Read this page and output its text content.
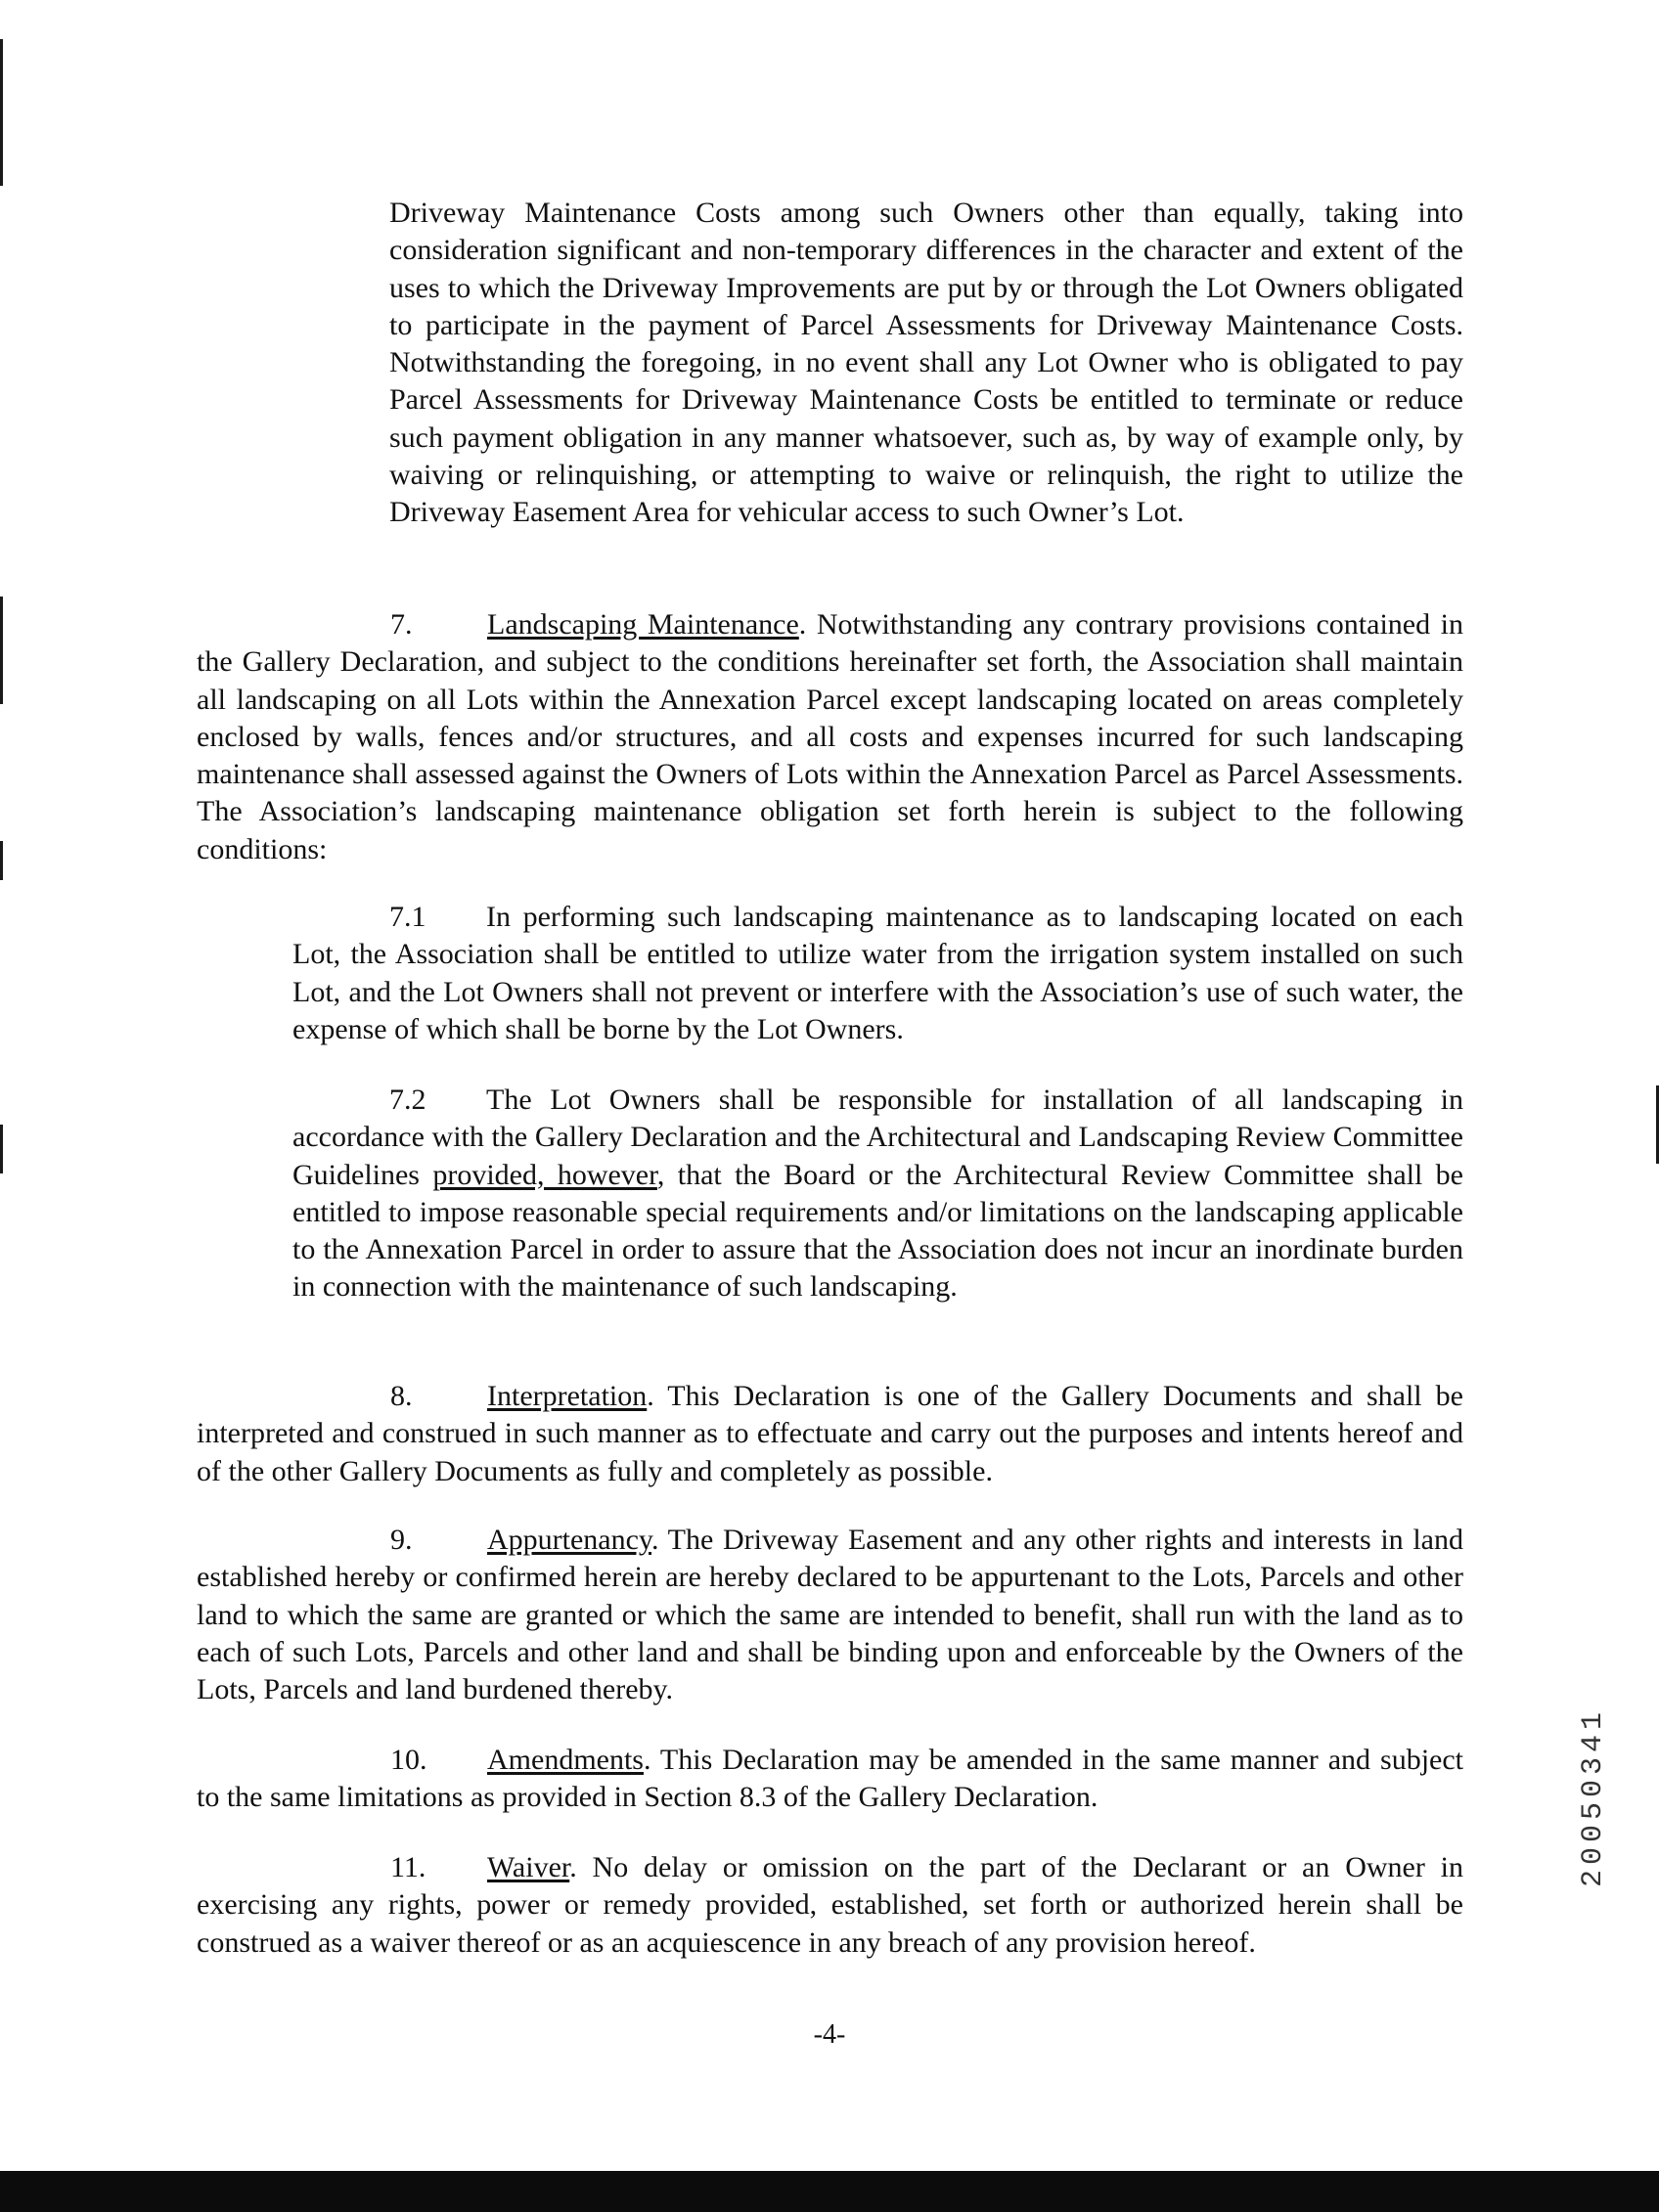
Driveway Maintenance Costs among such Owners other than equally, taking into consideration significant and non-temporary differences in the character and extent of the uses to which the Driveway Improvements are put by or through the Lot Owners obligated to participate in the payment of Parcel Assessments for Driveway Maintenance Costs. Notwithstanding the foregoing, in no event shall any Lot Owner who is obligated to pay Parcel Assessments for Driveway Maintenance Costs be entitled to terminate or reduce such payment obligation in any manner whatsoever, such as, by way of example only, by waiving or relinquishing, or attempting to waive or relinquish, the right to utilize the Driveway Easement Area for vehicular access to such Owner’s Lot.

7.	Landscaping Maintenance. Notwithstanding any contrary provisions contained in the Gallery Declaration, and subject to the conditions hereinafter set forth, the Association shall maintain all landscaping on all Lots within the Annexation Parcel except landscaping located on areas completely enclosed by walls, fences and/or structures, and all costs and expenses incurred for such landscaping maintenance shall assessed against the Owners of Lots within the Annexation Parcel as Parcel Assessments. The Association’s landscaping maintenance obligation set forth herein is subject to the following conditions:

7.1 In performing such landscaping maintenance as to landscaping located on each Lot, the Association shall be entitled to utilize water from the irrigation system installed on such Lot, and the Lot Owners shall not prevent or interfere with the Association’s use of such water, the expense of which shall be borne by the Lot Owners.

7.2 The Lot Owners shall be responsible for installation of all landscaping in accordance with the Gallery Declaration and the Architectural and Landscaping Review Committee Guidelines provided, however, that the Board or the Architectural Review Committee shall be entitled to impose reasonable special requirements and/or limitations on the landscaping applicable to the Annexation Parcel in order to assure that the Association does not incur an inordinate burden in connection with the maintenance of such landscaping.

8.	Interpretation. This Declaration is one of the Gallery Documents and shall be interpreted and construed in such manner as to effectuate and carry out the purposes and intents hereof and of the other Gallery Documents as fully and completely as possible.

9.	Appurtenancy. The Driveway Easement and any other rights and interests in land established hereby or confirmed herein are hereby declared to be appurtenant to the Lots, Parcels and other land to which the same are granted or which the same are intended to benefit, shall run with the land as to each of such Lots, Parcels and other land and shall be binding upon and enforceable by the Owners of the Lots, Parcels and land burdened thereby.

10. Amendments. This Declaration may be amended in the same manner and subject to the same limitations as provided in Section 8.3 of the Gallery Declaration.

11. Waiver. No delay or omission on the part of the Declarant or an Owner in exercising any rights, power or remedy provided, established, set forth or authorized herein shall be construed as a waiver thereof or as an acquiescence in any breach of any provision hereof.

-4-
20050341
